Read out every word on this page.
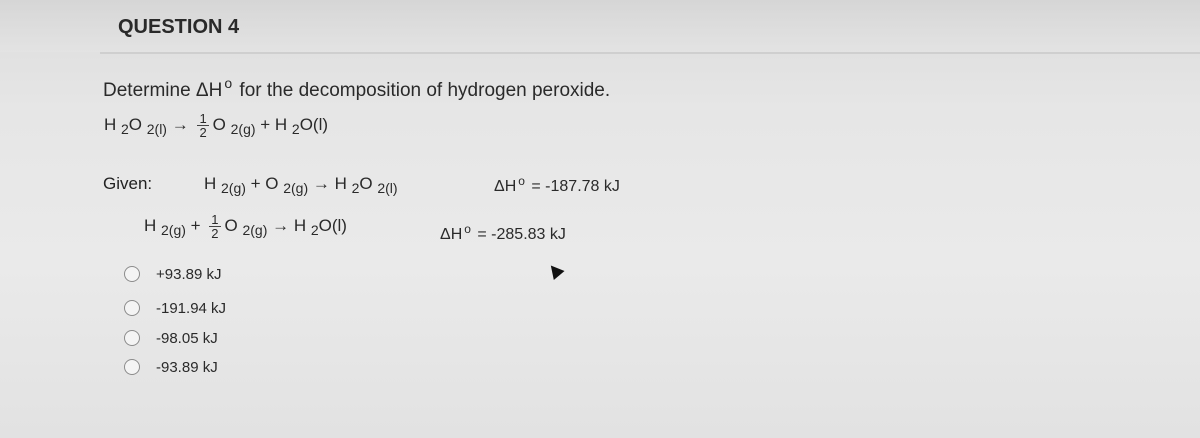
QUESTION 4
Determine ΔH $^o$ for the decomposition of hydrogen peroxide.
H $_2$O $_{2(l)} \to \frac{1}{2}$ O $_{2(g)}$ + H $_2$O(l)
Given:	H $_{2(g)}$ + O $_{2(g)}$ → H $_2$O $_{2(l)}$	ΔH $^o$ = -187.78 kJ
H $_{2(g)} + \frac{1}{2}$ O $_{2(g)}$ → H $_2$O(l)	ΔH $^o$ = -285.83 kJ
+93.89 kJ
-191.94 kJ
-98.05 kJ
-93.89 kJ
